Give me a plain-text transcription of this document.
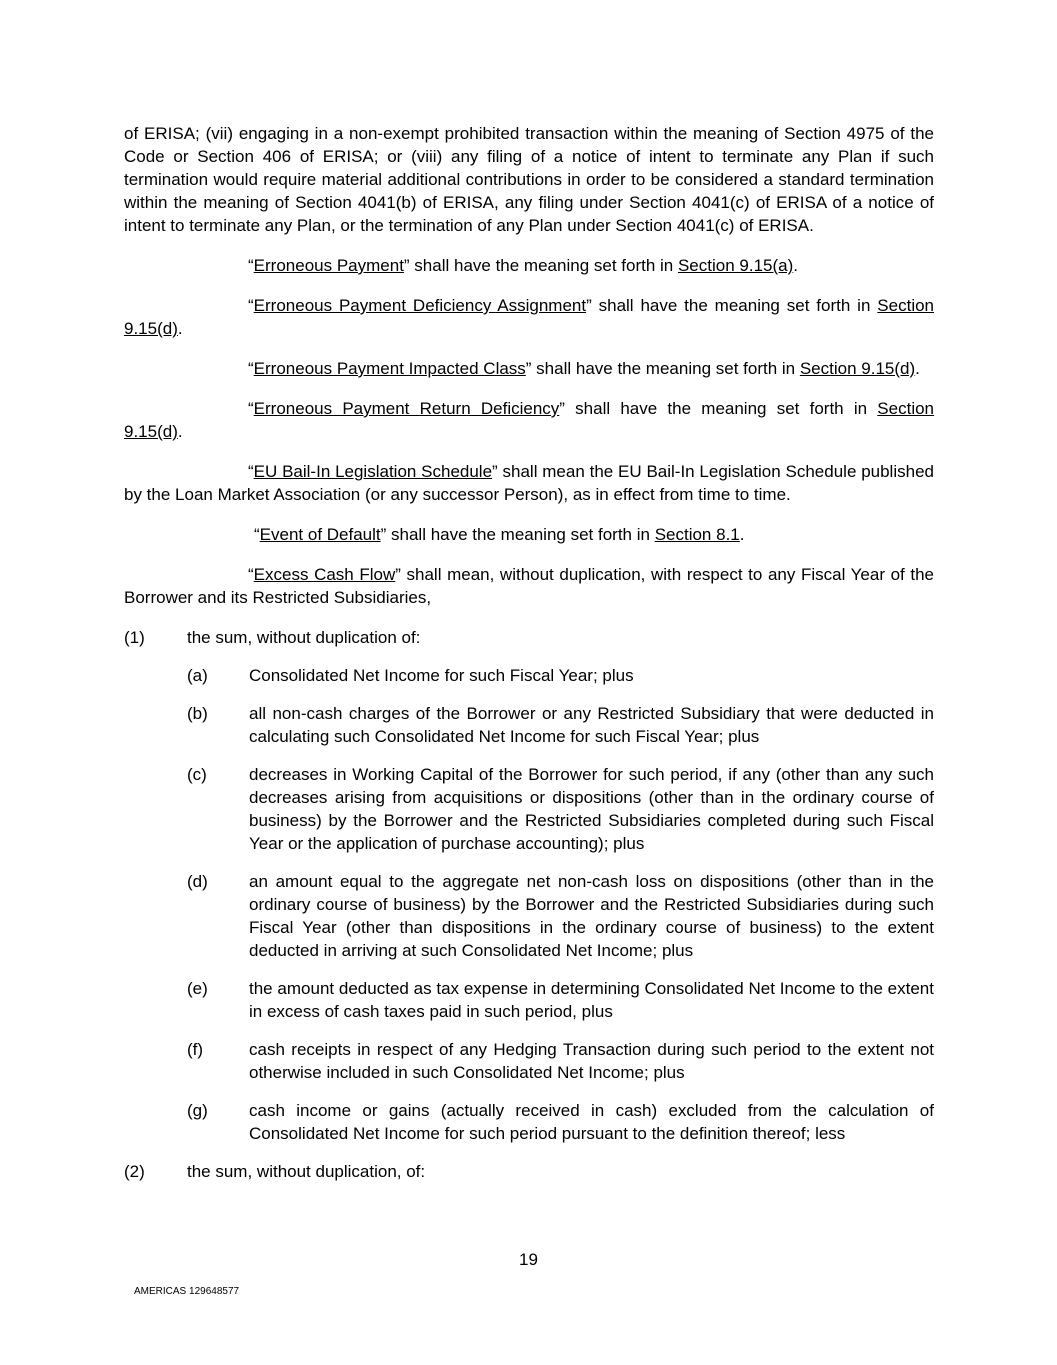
of ERISA; (vii) engaging in a non-exempt prohibited transaction within the meaning of Section 4975 of the Code or Section 406 of ERISA; or (viii) any filing of a notice of intent to terminate any Plan if such termination would require material additional contributions in order to be considered a standard termination within the meaning of Section 4041(b) of ERISA, any filing under Section 4041(c) of ERISA of a notice of intent to terminate any Plan, or the termination of any Plan under Section 4041(c) of ERISA.

“Erroneous Payment” shall have the meaning set forth in Section 9.15(a).

“Erroneous Payment Deficiency Assignment” shall have the meaning set forth in Section 9.15(d).

“Erroneous Payment Impacted Class” shall have the meaning set forth in Section 9.15(d).

“Erroneous Payment Return Deficiency” shall have the meaning set forth in Section 9.15(d).

“EU Bail-In Legislation Schedule” shall mean the EU Bail-In Legislation Schedule published by the Loan Market Association (or any successor Person), as in effect from time to time.

“Event of Default” shall have the meaning set forth in Section 8.1.

“Excess Cash Flow” shall mean, without duplication, with respect to any Fiscal Year of the Borrower and its Restricted Subsidiaries,

(1) the sum, without duplication of:
(a) Consolidated Net Income for such Fiscal Year; plus
(b) all non-cash charges of the Borrower or any Restricted Subsidiary that were deducted in calculating such Consolidated Net Income for such Fiscal Year; plus
(c) decreases in Working Capital of the Borrower for such period, if any (other than any such decreases arising from acquisitions or dispositions (other than in the ordinary course of business) by the Borrower and the Restricted Subsidiaries completed during such Fiscal Year or the application of purchase accounting); plus
(d) an amount equal to the aggregate net non-cash loss on dispositions (other than in the ordinary course of business) by the Borrower and the Restricted Subsidiaries during such Fiscal Year (other than dispositions in the ordinary course of business) to the extent deducted in arriving at such Consolidated Net Income; plus
(e) the amount deducted as tax expense in determining Consolidated Net Income to the extent in excess of cash taxes paid in such period, plus
(f)	cash receipts in respect of any Hedging Transaction during such period to the extent not otherwise included in such Consolidated Net Income; plus
(g) cash income or gains (actually received in cash) excluded from the calculation of Consolidated Net Income for such period pursuant to the definition thereof; less
(2) the sum, without duplication, of:
19
AMERICAS 129648577
